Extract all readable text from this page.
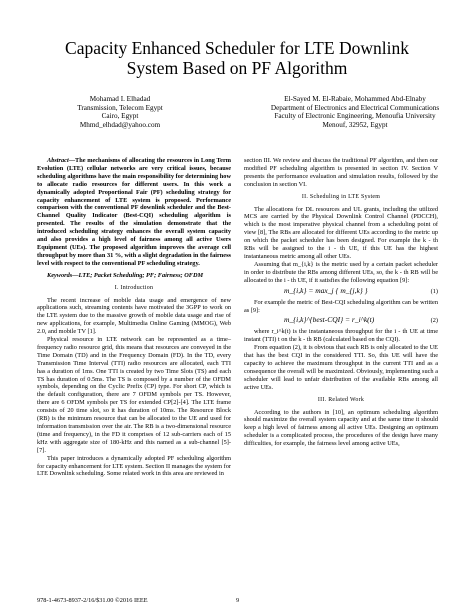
Capacity Enhanced Scheduler for LTE Downlink
System Based on PF Algorithm
Mohamad I. Elhadad
Transmission, Telecom Egypt
Cairo, Egypt
Mhmd_elhdad@yahoo.com
El-Sayed M. El-Rabaie, Mohammed Abd-Elnaby
Department of Electronics and Electrical Communications
Faculty of Electronic Engineering, Menoufia University
Menouf, 32952, Egypt

Abstract—The mechanisms of allocating the resources in Long Term Evolution (LTE) cellular networks are very critical issues, because scheduling algorithms have the main responsibility for determining how to allocate radio resources for different users. In this work a dynamically adopted Proportional Fair (PF) scheduling strategy for capacity enhancement of LTE system is proposed. Performance comparison with the conventional PF downlink scheduler and the Best- Channel Quality Indicator (Best-CQI) scheduling algorithm is presented. The results of the simulation demonstrate that the introduced scheduling strategy enhances the overall system capacity and also provides a high level of fairness among all active Users Equipment (UEs). The proposed algorithm improves the average cell throughput by more than 31 %, with a slight degradation in the fairness level with respect to the conventional PF scheduling strategy.

Keywords—LTE; Packet Scheduling; PF; Fairness; OFDM

I. Introduction

The recent increase of mobile data usage and emergence of new applications such, streaming contents have motivated the 3GPP to work on the LTE system due to the massive growth of mobile data usage and rise of new applications, for example, Multimedia Online Gaming (MMOG), Web 2.0, and mobile TV [1].

Physical resource in LTE network can be represented as a time–frequency radio resource grid, this means that resources are conveyed in the Time Domain (TD) and in the Frequency Domain (FD). In the TD, every Transmission Time Interval (TTI) radio resources are allocated, each TTI has a duration of 1ms. One TTI is created by two Time Slots (TS) and each TS has duration of 0.5ms. The TS is composed by a number of the OFDM symbols, depending on the Cyclic Prefix (CP) type. For short CP, which is the default configuration, there are 7 OFDM symbols per TS. However, there are 6 OFDM symbols per TS for extended CP[2]-[4]. The LTE frame consists of 20 time slot, so it has duration of 10ms. The Resource Block (RB) is the minimum resource that can be allocated to the UE and used for information transmission over the air. The RB is a two-dimensional resource (time and frequency), in the FD it comprises of 12 sub-carriers each of 15 kHz with aggregate size of 180-kHz and this named as a sub-channel [5]- [7].

This paper introduces a dynamically adopted PF scheduling algorithm for capacity enhancement for LTE system. Section II manages the system for LTE Downlink scheduling. Some related work in this area are reviewed in

section III. We review and discuss the traditional PF algorithm, and then our modified PF scheduling algorithm is presented in section IV. Section V presents the performance evaluation and simulation results, followed by the conclusion in section VI.

II. Scheduling in LTE System

The allocations for DL resources and UL grants, including the utilized MCS are carried by the Physical Downlink Control Channel (PDCCH), which is the most imperative physical channel from a scheduling point of view [8], The RBs are allocated for different UEs according to the metric up on which the packet scheduler has been designed. For example the k - th RBs will be assigned to the i - th UE, if this UE has the highest instantaneous metric among all other UEs.

Assuming that m_{i,k} is the metric used by a certain packet scheduler in order to distribute the RBs among different UEs, so, the k - th RB will be allocated to the i - th UE, if it satisfies the following equation [9]:

m_{i,k} = max_j { m_{j,k} }	(1)

For example the metric of Best-CQI scheduling algorithm can be written as [9]:

m_{i,k}^{best-CQI} = r_i^k(t)	(2)

where r_i^k(t) is the instantaneous throughput for the i - th UE at time instant (TTI) t on the k - th RB (calculated based on the CQI).

From equation (2), it is obvious that each RB is only allocated to the UE that has the best CQI in the considered TTI. So, this UE will have the capacity to achieve the maximum throughput in the current TTI and as a consequence the overall will be maximized. Obviously, implementing such a scheduler will lead to unfair distribution of the available RBs among all active UEs.

III. Related Work

According to the authors in [10], an optimum scheduling algorithm should maximize the overall system capacity and at the same time it should keep a high level of fairness among all active UEs. Designing an optimum scheduler is a complicated process, the procedures of the design have many difficulties, for example, the fairness level among active UEs,

978-1-4673-8937-2/16/$31.00 ©2016 IEEE	9
